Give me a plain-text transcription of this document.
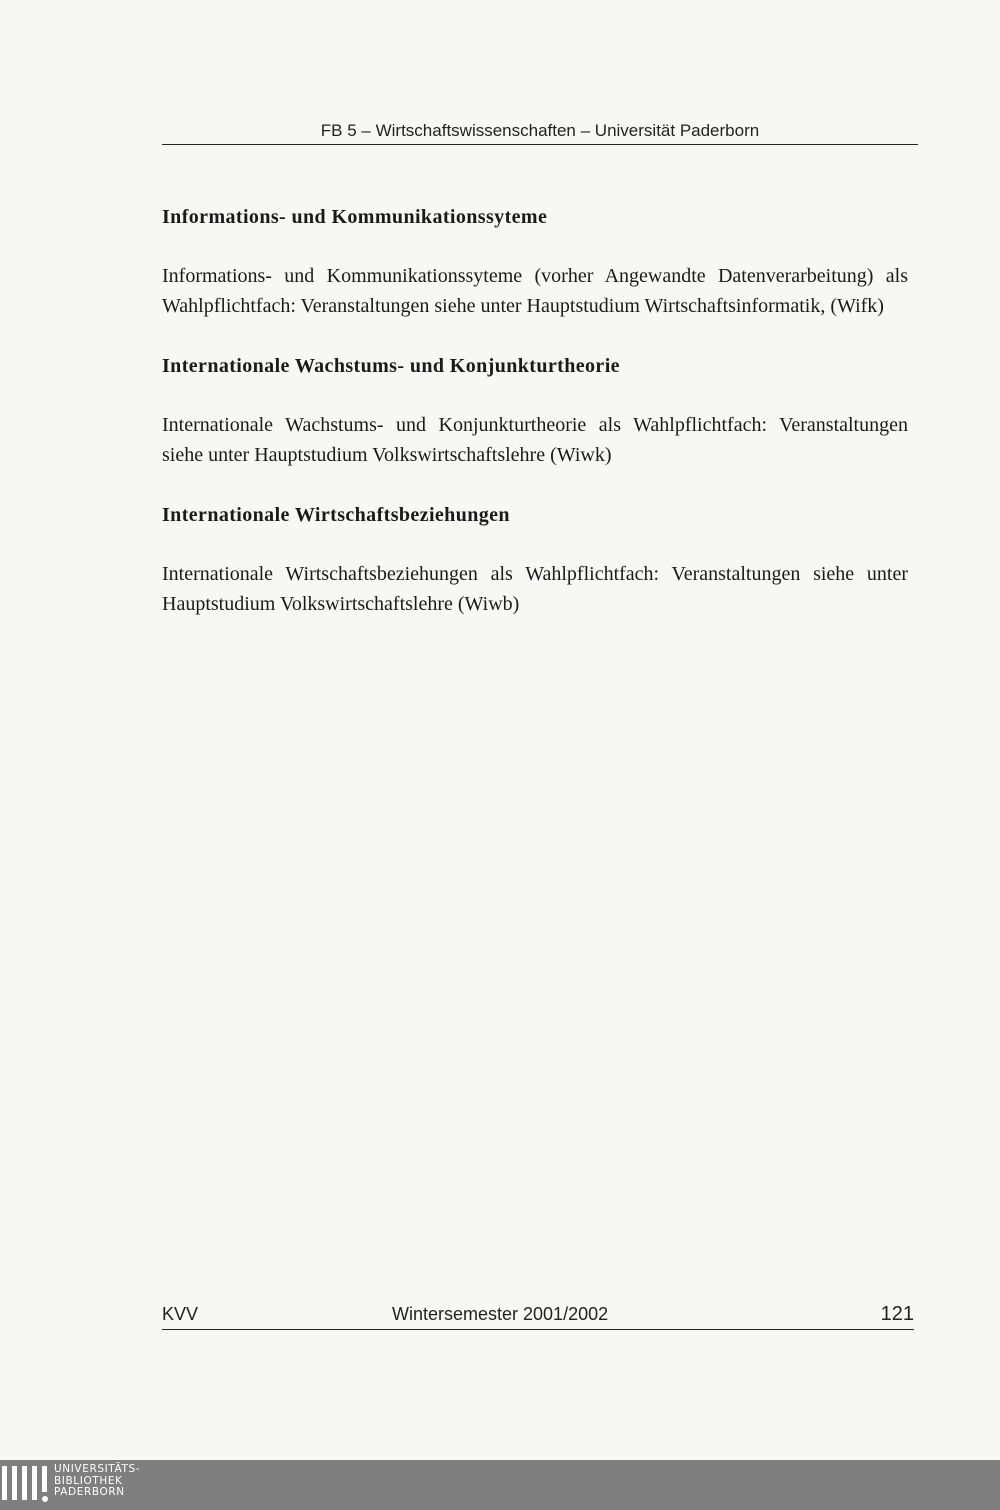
FB 5 – Wirtschaftswissenschaften – Universität Paderborn

Informations- und Kommunikationssyteme

Informations- und Kommunikationssyteme (vorher Angewandte Datenverarbeitung) als Wahlpflichtfach: Veranstaltungen siehe unter Hauptstudium Wirtschaftsinformatik, (Wifk)

Internationale Wachstums- und Konjunkturtheorie

Internationale Wachstums- und Konjunkturtheorie als Wahlpflichtfach: Veranstaltungen siehe unter Hauptstudium Volkswirtschaftslehre (Wiwk)

Internationale Wirtschaftsbeziehungen

Internationale Wirtschaftsbeziehungen als Wahlpflichtfach: Veranstaltungen siehe unter Hauptstudium Volkswirtschaftslehre (Wiwb)

KVV	Wintersemester 2001/2002	121
UNIVERSITÄTS-
BIBLIOTHEK
PADERBORN
